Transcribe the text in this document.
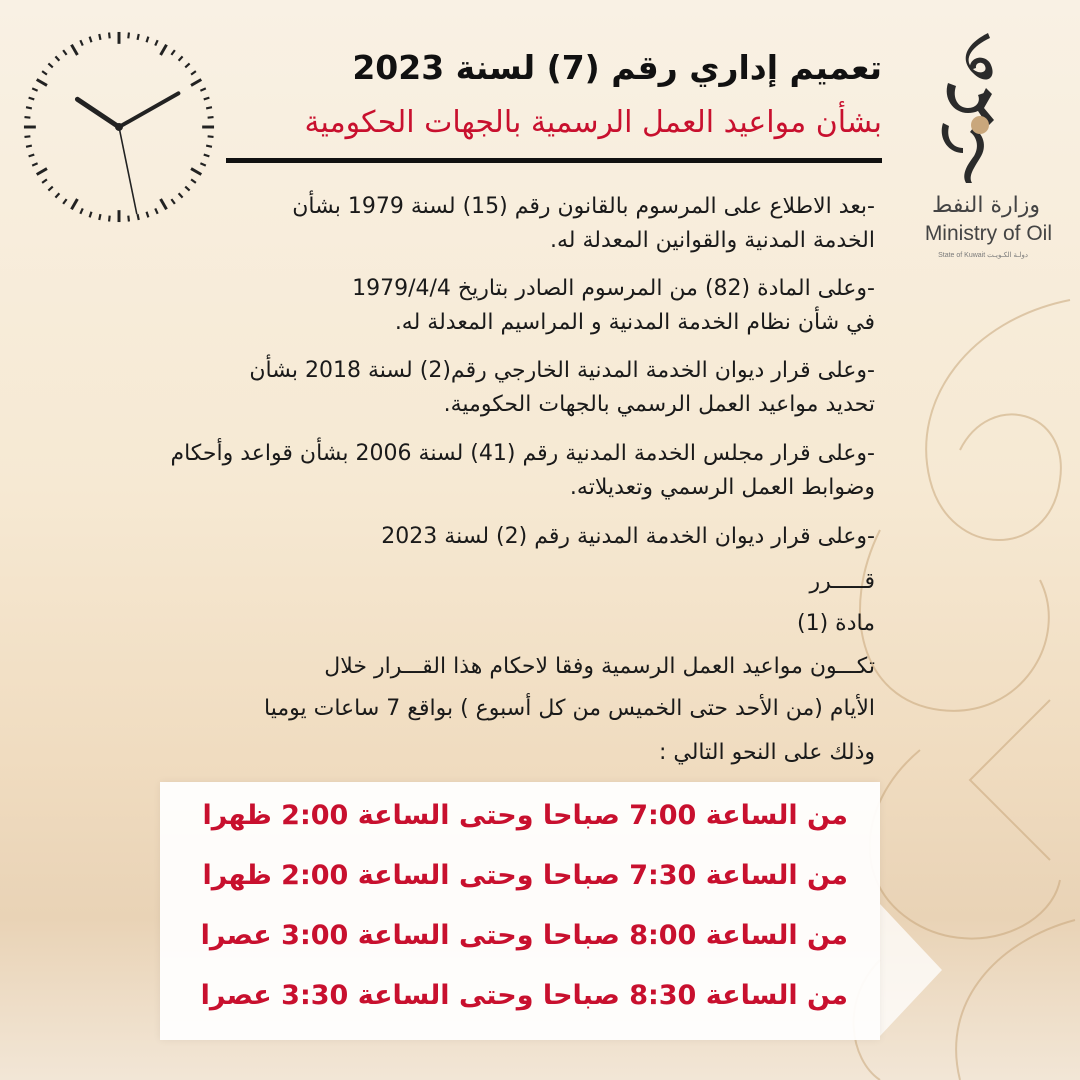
تعميم إداري رقم (7) لسنة 2023
بشأن مواعيد العمل الرسمية بالجهات الحكومية
وزارة النفط
Ministry of Oil
State of Kuwait دولـة الكـويـت
-بعد الاطلاع على المرسوم بالقانون رقم (15) لسنة 1979 بشأن
الخدمة المدنية والقوانين المعدلة له.
-وعلى المادة (82) من المرسوم الصادر بتاريخ 1979/4/4
في شأن نظام الخدمة المدنية و المراسيم المعدلة له.
-وعلى قرار ديوان الخدمة المدنية الخارجي رقم(2) لسنة 2018 بشأن
تحديد مواعيد العمل الرسمي بالجهات الحكومية.
-وعلى قرار مجلس الخدمة المدنية رقم (41) لسنة 2006 بشأن قواعد وأحكام
وضوابط العمل الرسمي وتعديلاته.
-وعلى قرار ديوان الخدمة المدنية رقم (2) لسنة 2023
قـــــرر
مادة (1)
تكـــون مواعيد العمل الرسمية وفقا لاحكام هذا القـــرار خلال
الأيام (من الأحد حتى الخميس من كل أسبوع ) بواقع 7 ساعات يوميا
وذلك على النحو التالي :
من الساعة 7:00 صباحا وحتى الساعة 2:00 ظهرا
من الساعة 7:30 صباحا وحتى الساعة 2:00 ظهرا
من الساعة 8:00 صباحا وحتى الساعة 3:00 عصرا
من الساعة 8:30 صباحا وحتى الساعة 3:30 عصرا
